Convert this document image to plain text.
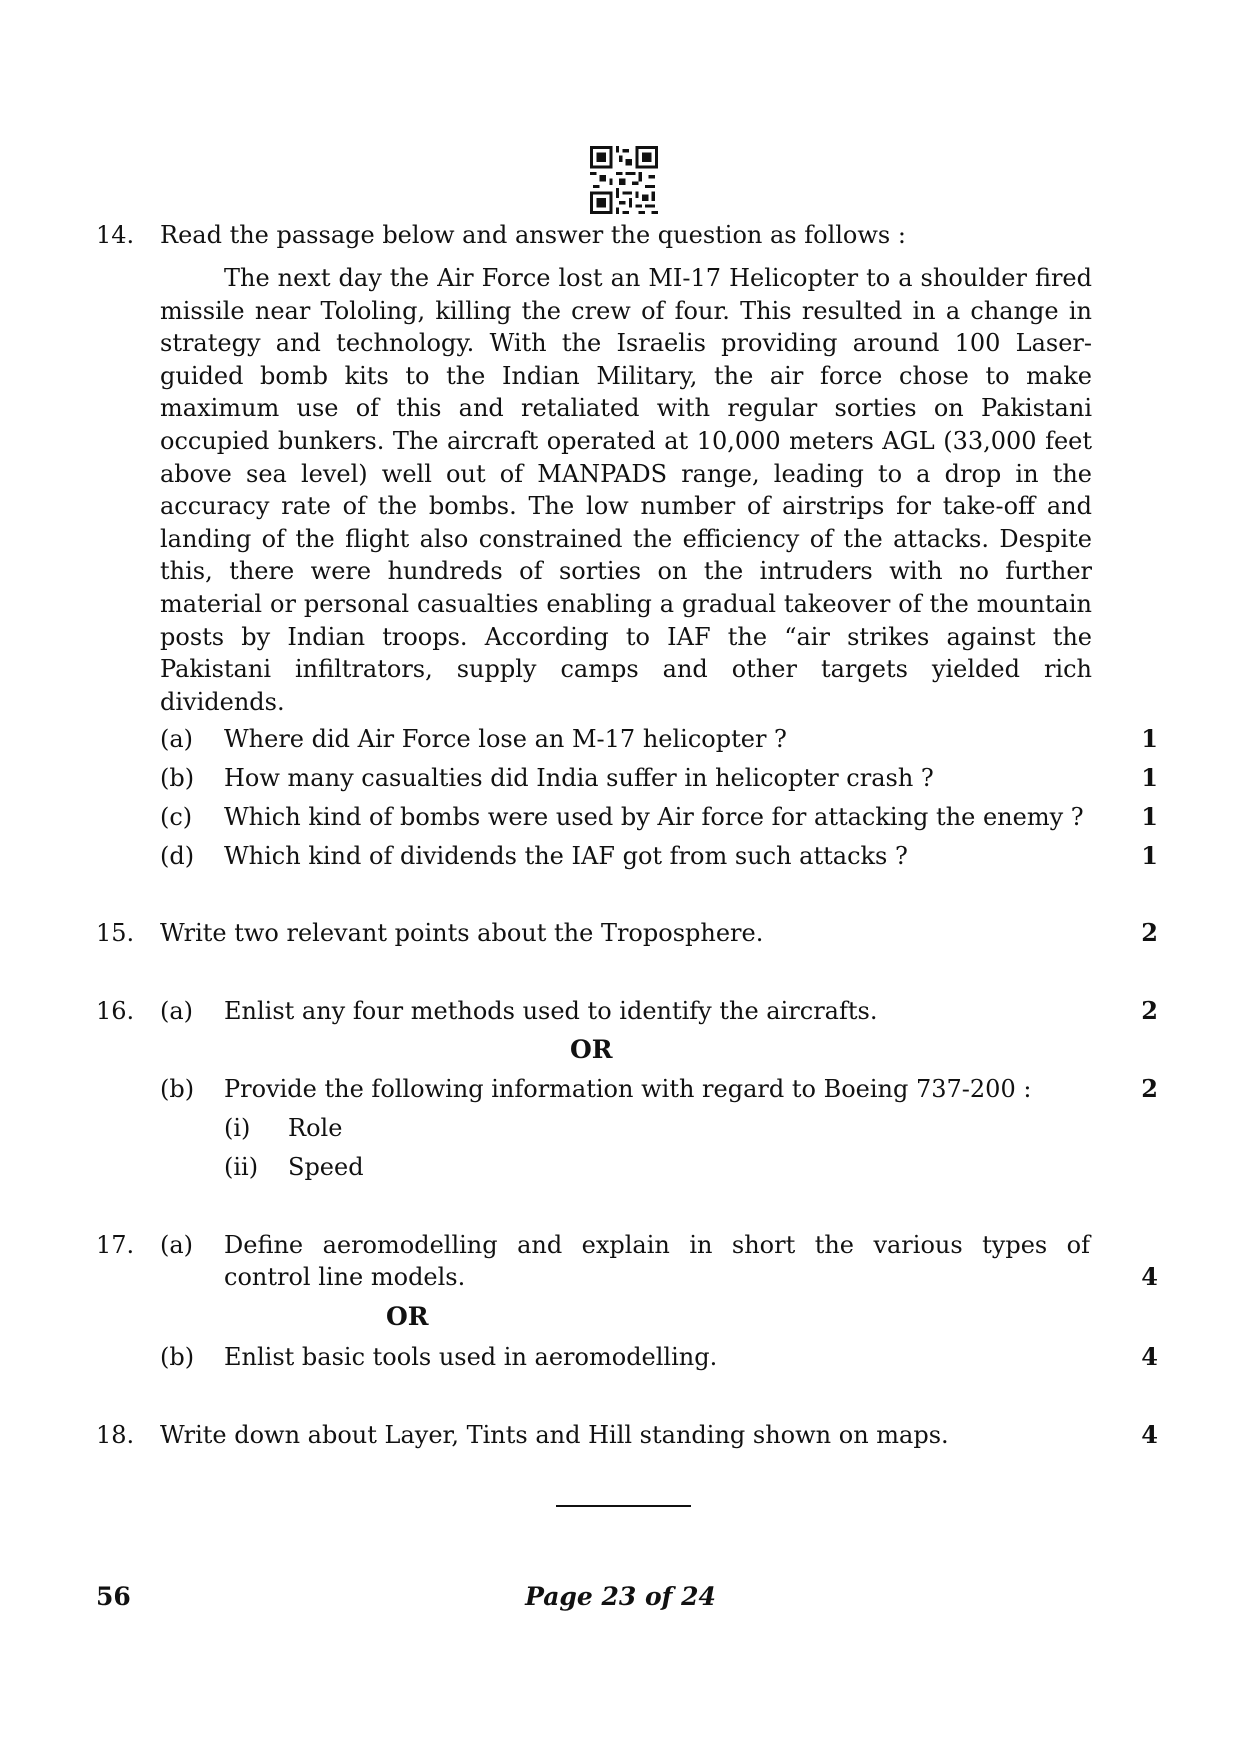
14. Read the passage below and answer the question as follows :

The next day the Air Force lost an MI-17 Helicopter to a shoulder fired missile near Tololing, killing the crew of four. This resulted in a change in strategy and technology. With the Israelis providing around 100 Laser-guided bomb kits to the Indian Military, the air force chose to make maximum use of this and retaliated with regular sorties on Pakistani occupied bunkers. The aircraft operated at 10,000 meters AGL (33,000 feet above sea level) well out of MANPADS range, leading to a drop in the accuracy rate of the bombs. The low number of airstrips for take-off and landing of the flight also constrained the efficiency of the attacks. Despite this, there were hundreds of sorties on the intruders with no further material or personal casualties enabling a gradual takeover of the mountain posts by Indian troops. According to IAF the “air strikes against the Pakistani infiltrators, supply camps and other targets yielded rich dividends.

(a) Where did Air Force lose an M-17 helicopter ?	1
(b) How many casualties did India suffer in helicopter crash ?	1
(c) Which kind of bombs were used by Air force for attacking the enemy ?	1
(d) Which kind of dividends the IAF got from such attacks ?	1
15. Write two relevant points about the Troposphere.	2
16. (a) Enlist any four methods used to identify the aircrafts.	2
OR
(b) Provide the following information with regard to Boeing 737-200 :	2
(i) Role
(ii) Speed
17. (a) Define aeromodelling and explain in short the various types of
control line models.	4
OR
(b) Enlist basic tools used in aeromodelling.	4
18. Write down about Layer, Tints and Hill standing shown on maps.	4
56	Page 23 of 24
